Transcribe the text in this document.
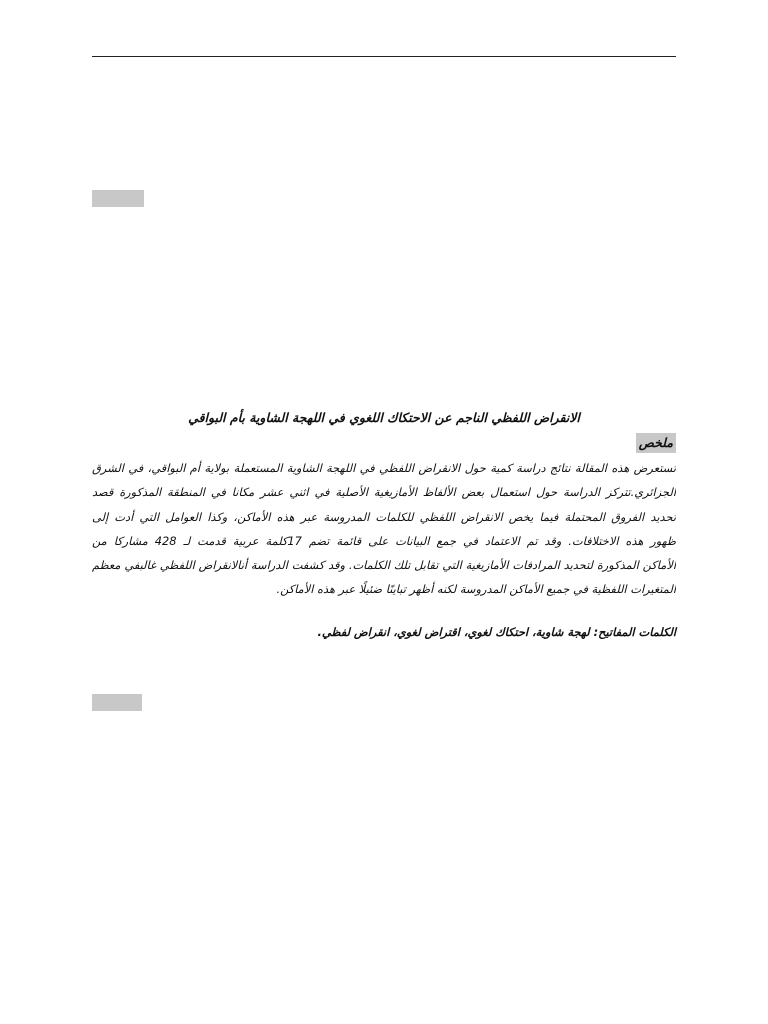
الانقراض اللفظي الناجم عن الاحتكاك اللغوي في اللهجة الشاوية بأم البواقي
ملخص
تستعرض هذه المقالة نتائج دراسة كمية حول الانقراض اللفظي في اللهجة الشاوية المستعملة بولاية أم البواقي، في الشرق
الجزائري.تتركز الدراسة حول استعمال بعض الألفاظ الأمازيغية الأصلية في اثني عشر مكانا في المنطقة المذكورة قصد
تحديد الفروق المحتملة فيما يخص الانقراض اللفظي للكلمات المدروسة عبر هذه الأماكن، وكذا العوامل التي أدت إلى
ظهور هذه الاختلافات. وقد تم الاعتماد في جمع البيانات على قائمة تضم 17كلمة عربية قدمت لـ 428 مشاركا من
الأماكن المذكورة لتحديد المرادفات الأمازيغية التي تقابل تلك الكلمات. وقد كشفت الدراسة أنالانقراض اللفظي غالبفي معظم
المتغيرات اللفظية في جميع الأماكن المدروسة لكنه أظهر تباينًا ضئيلًا عبر هذه الأماكن.
الكلمات المفاتيح: لهجة شاوية، احتكاك لغوي، اقتراض لغوي، انقراض لفظي.
